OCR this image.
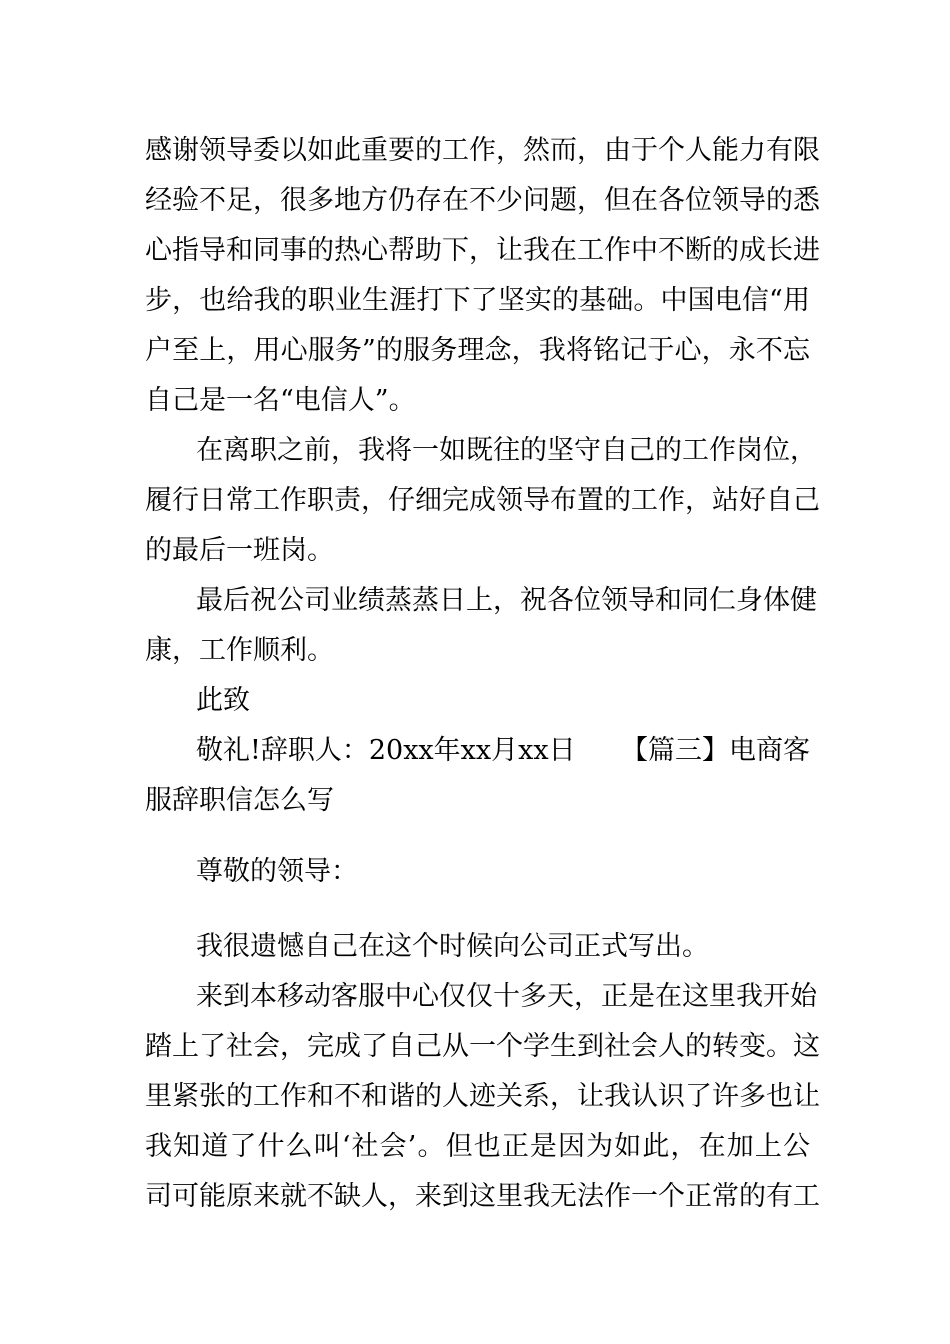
感谢领导委以如此重要的工作，然而，由于个人能力有限
经验不足，很多地方仍存在不少问题，但在各位领导的悉
心指导和同事的热心帮助下，让我在工作中不断的成长进
步，也给我的职业生涯打下了坚实的基础。中国电信“用
户至上，用心服务”的服务理念，我将铭记于心，永不忘
自己是一名“电信人”。
在离职之前，我将一如既往的坚守自己的工作岗位，
履行日常工作职责，仔细完成领导布置的工作，站好自己
的最后一班岗。
最后祝公司业绩蒸蒸日上，祝各位领导和同仁身体健
康，工作顺利。
此致
敬礼!辞职人：20xx年xx月xx日 【篇三】电商客
服辞职信怎么写
尊敬的领导：
我很遗憾自己在这个时候向公司正式写出。
来到本移动客服中心仅仅十多天，正是在这里我开始
踏上了社会，完成了自己从一个学生到社会人的转变。这
里紧张的工作和不和谐的人迹关系，让我认识了许多也让
我知道了什么叫‘社会’。但也正是因为如此，在加上公
司可能原来就不缺人，来到这里我无法作一个正常的有工
